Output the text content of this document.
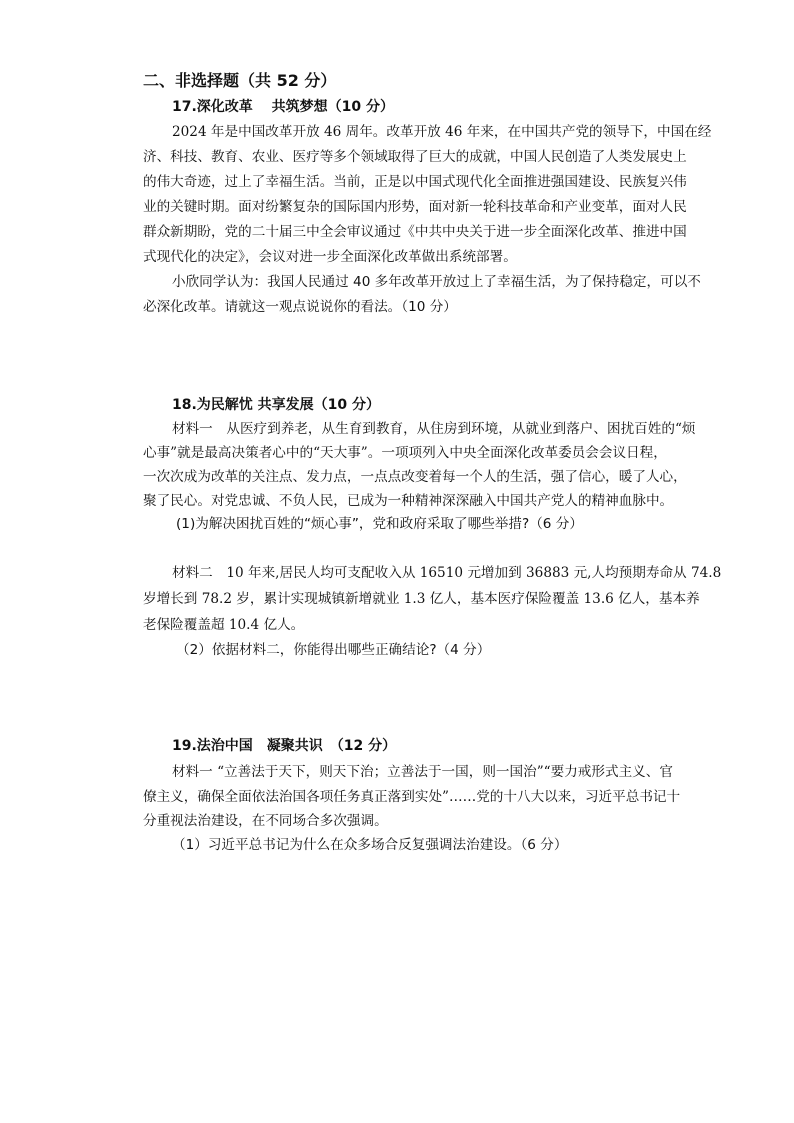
二、非选择题（共 52 分）
17.深化改革　 共筑梦想（10 分）
2024 年是中国改革开放 46 周年。改革开放 46 年来，在中国共产党的领导下，中国在经
济、科技、教育、农业、医疗等多个领域取得了巨大的成就，中国人民创造了人类发展史上
的伟大奇迹，过上了幸福生活。当前，正是以中国式现代化全面推进强国建设、民族复兴伟
业的关键时期。面对纷繁复杂的国际国内形势，面对新一轮科技革命和产业变革，面对人民
群众新期盼，党的二十届三中全会审议通过《中共中央关于进一步全面深化改革、推进中国
式现代化的决定》，会议对进一步全面深化改革做出系统部署。
小欣同学认为：我国人民通过 40 多年改革开放过上了幸福生活，为了保持稳定，可以不
必深化改革。请就这一观点说说你的看法。（10 分）
18.为民解忧 共享发展（10 分）
材料一　从医疗到养老，从生育到教育，从住房到环境，从就业到落户、困扰百姓的“烦
心事”就是最高决策者心中的“天大事”。一项项列入中央全面深化改革委员会会议日程，
一次次成为改革的关注点、发力点，一点点改变着每一个人的生活，强了信心，暖了人心，
聚了民心。对党忠诚、不负人民，已成为一种精神深深融入中国共产党人的精神血脉中。
(1)为解决困扰百姓的“烦心事”，党和政府采取了哪些举措?（6 分）
材料二　10 年来,居民人均可支配收入从 16510 元增加到 36883 元,人均预期寿命从 74.8
岁增长到 78.2 岁，累计实现城镇新增就业 1.3 亿人，基本医疗保险覆盖 13.6 亿人，基本养
老保险覆盖超 10.4 亿人。
（2）依据材料二，你能得出哪些正确结论?（4 分）
19.法治中国　凝聚共识　（12 分）
材料一 “立善法于天下，则天下治；立善法于一国，则一国治”“要力戒形式主义、官
僚主义，确保全面依法治国各项任务真正落到实处”……党的十八大以来，习近平总书记十
分重视法治建设，在不同场合多次强调。
（1）习近平总书记为什么在众多场合反复强调法治建设。（6 分）
